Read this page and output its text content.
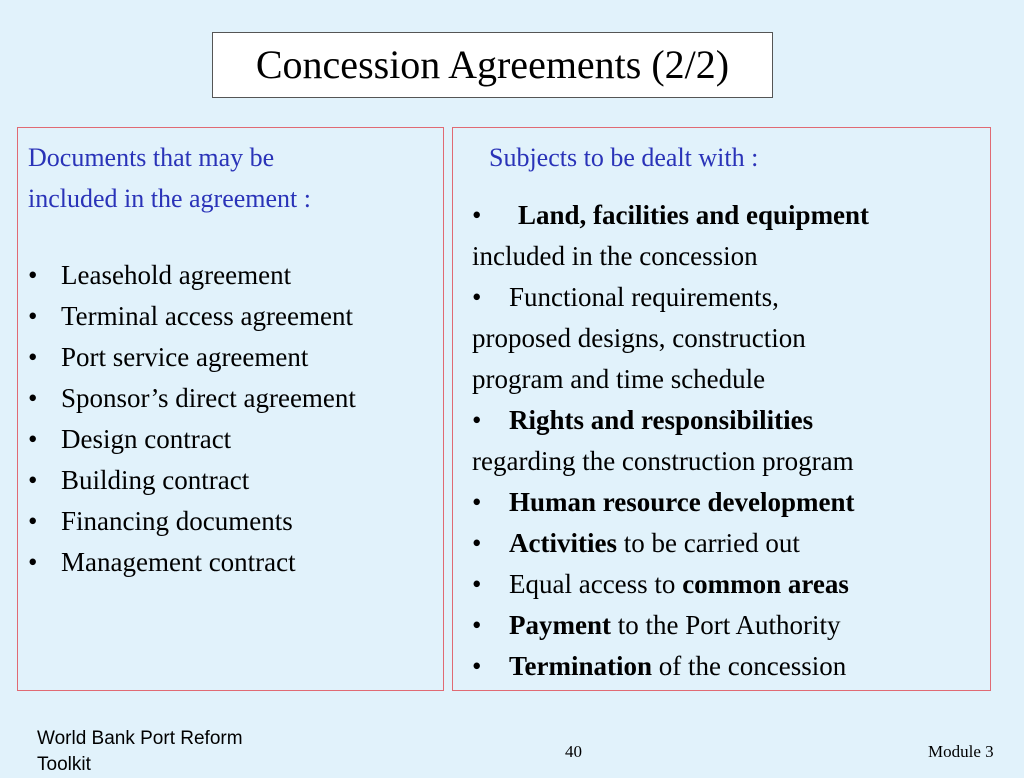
Concession Agreements (2/2)
Documents that may be
included in the agreement :
• Leasehold agreement
• Terminal access agreement
• Port service agreement
• Sponsor’s direct agreement
• Design contract
• Building contract
• Financing documents
• Management contract
Subjects to be dealt with :

• Land, facilities and equipment

included in the concession

• Functional requirements,

proposed designs, construction

program and time schedule

• Rights and responsibilities

regarding the construction program

• Human resource development

• Activities to be carried out

• Equal access to common areas

• Payment to the Port Authority

• Termination of the concession

World Bank Port Reform
Toolkit
40	Module 3
